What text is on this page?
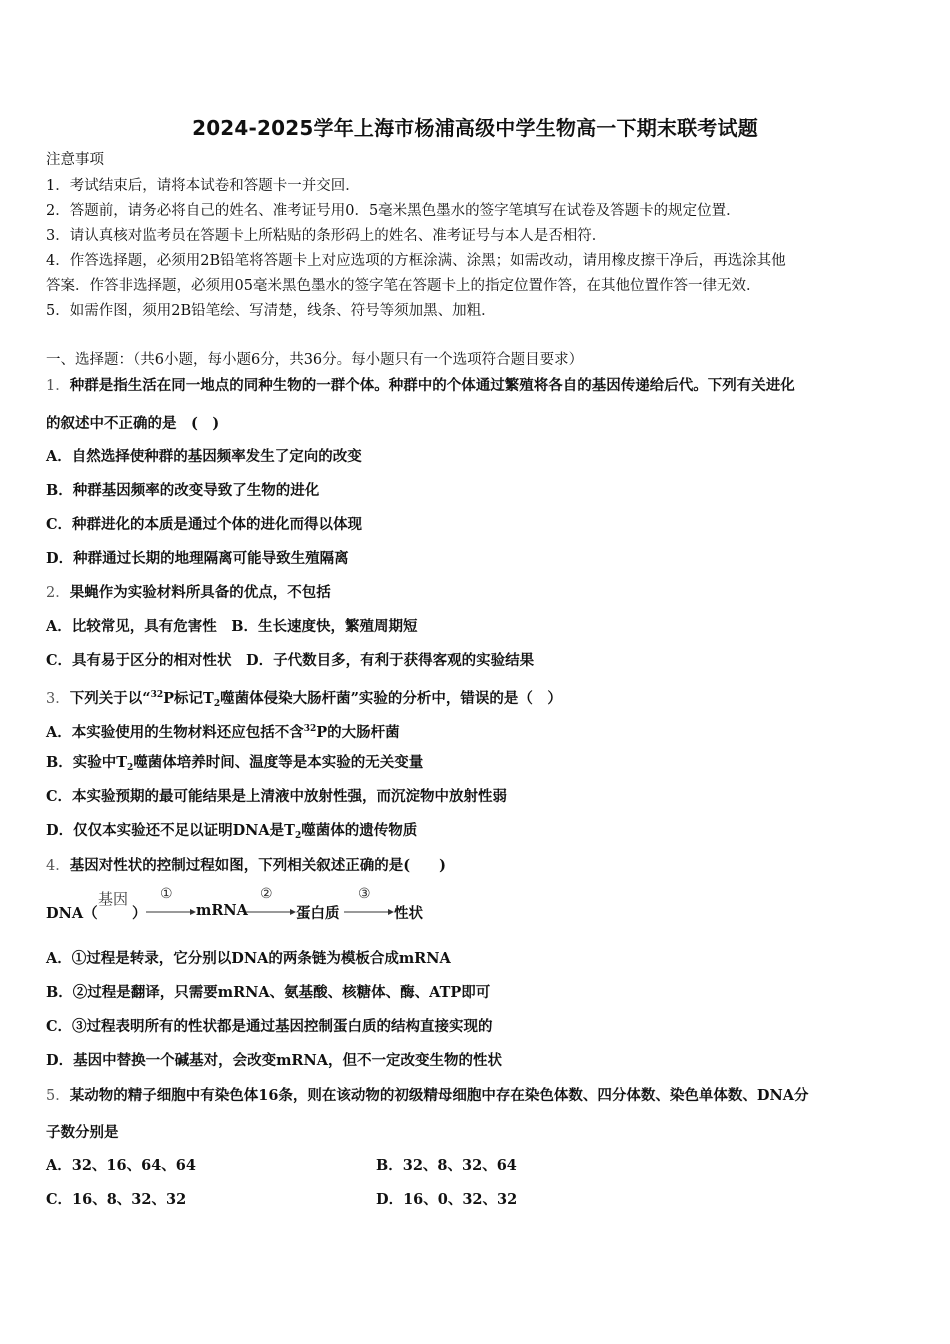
2024-2025学年上海市杨浦高级中学生物高一下期末联考试题
注意事项
1．考试结束后，请将本试卷和答题卡一并交回．
2．答题前，请务必将自己的姓名、准考证号用0．5毫米黑色墨水的签字笔填写在试卷及答题卡的规定位置．
3．请认真核对监考员在答题卡上所粘贴的条形码上的姓名、准考证号与本人是否相符．
4．作答选择题，必须用2B铅笔将答题卡上对应选项的方框涂满、涂黑；如需改动，请用橡皮擦干净后，再选涂其他
答案．作答非选择题，必须用05毫米黑色墨水的签字笔在答题卡上的指定位置作答，在其他位置作答一律无效．
5．如需作图，须用2B铅笔绘、写清楚，线条、符号等须加黑、加粗．
一、选择题：（共6小题，每小题6分，共36分。每小题只有一个选项符合题目要求）
1．种群是指生活在同一地点的同种生物的一群个体。种群中的个体通过繁殖将各自的基因传递给后代。下列有关进化
的叙述中不正确的是　(　)
A．自然选择使种群的基因频率发生了定向的改变
B．种群基因频率的改变导致了生物的进化
C．种群进化的本质是通过个体的进化而得以体现
D．种群通过长期的地理隔离可能导致生殖隔离
2．果蝇作为实验材料所具备的优点，不包括
A．比较常见，具有危害性　B．生长速度快，繁殖周期短
C．具有易于区分的相对性状　D．子代数目多，有利于获得客观的实验结果
3．下列关于以“$^{32}$P标记$T_2$噬菌体侵染大肠杆菌”实验的分析中，错误的是（　）
A．本实验使用的生物材料还应包括不含$^{32}$P的大肠杆菌
B．实验中$T_2$噬菌体培养时间、温度等是本实验的无关变量
C．本实验预期的最可能结果是上清液中放射性强，而沉淀物中放射性弱
D．仅仅本实验还不足以证明DNA是$T_2$噬菌体的遗传物质
4．基因对性状的控制过程如图，下列相关叙述正确的是(　　)
DNA（
基因
）
①
mRNA
②
蛋白质
③
性状
A．①过程是转录，它分别以DNA的两条链为模板合成mRNA
B．②过程是翻译，只需要mRNA、氨基酸、核糖体、酶、ATP即可
C．③过程表明所有的性状都是通过基因控制蛋白质的结构直接实现的
D．基因中替换一个碱基对，会改变mRNA，但不一定改变生物的性状
5．某动物的精子细胞中有染色体16条，则在该动物的初级精母细胞中存在染色体数、四分体数、染色单体数、DNA分
子数分别是
A．32、16、64、64	B．32、8、32、64
C．16、8、32、32	D．16、0、32、32
